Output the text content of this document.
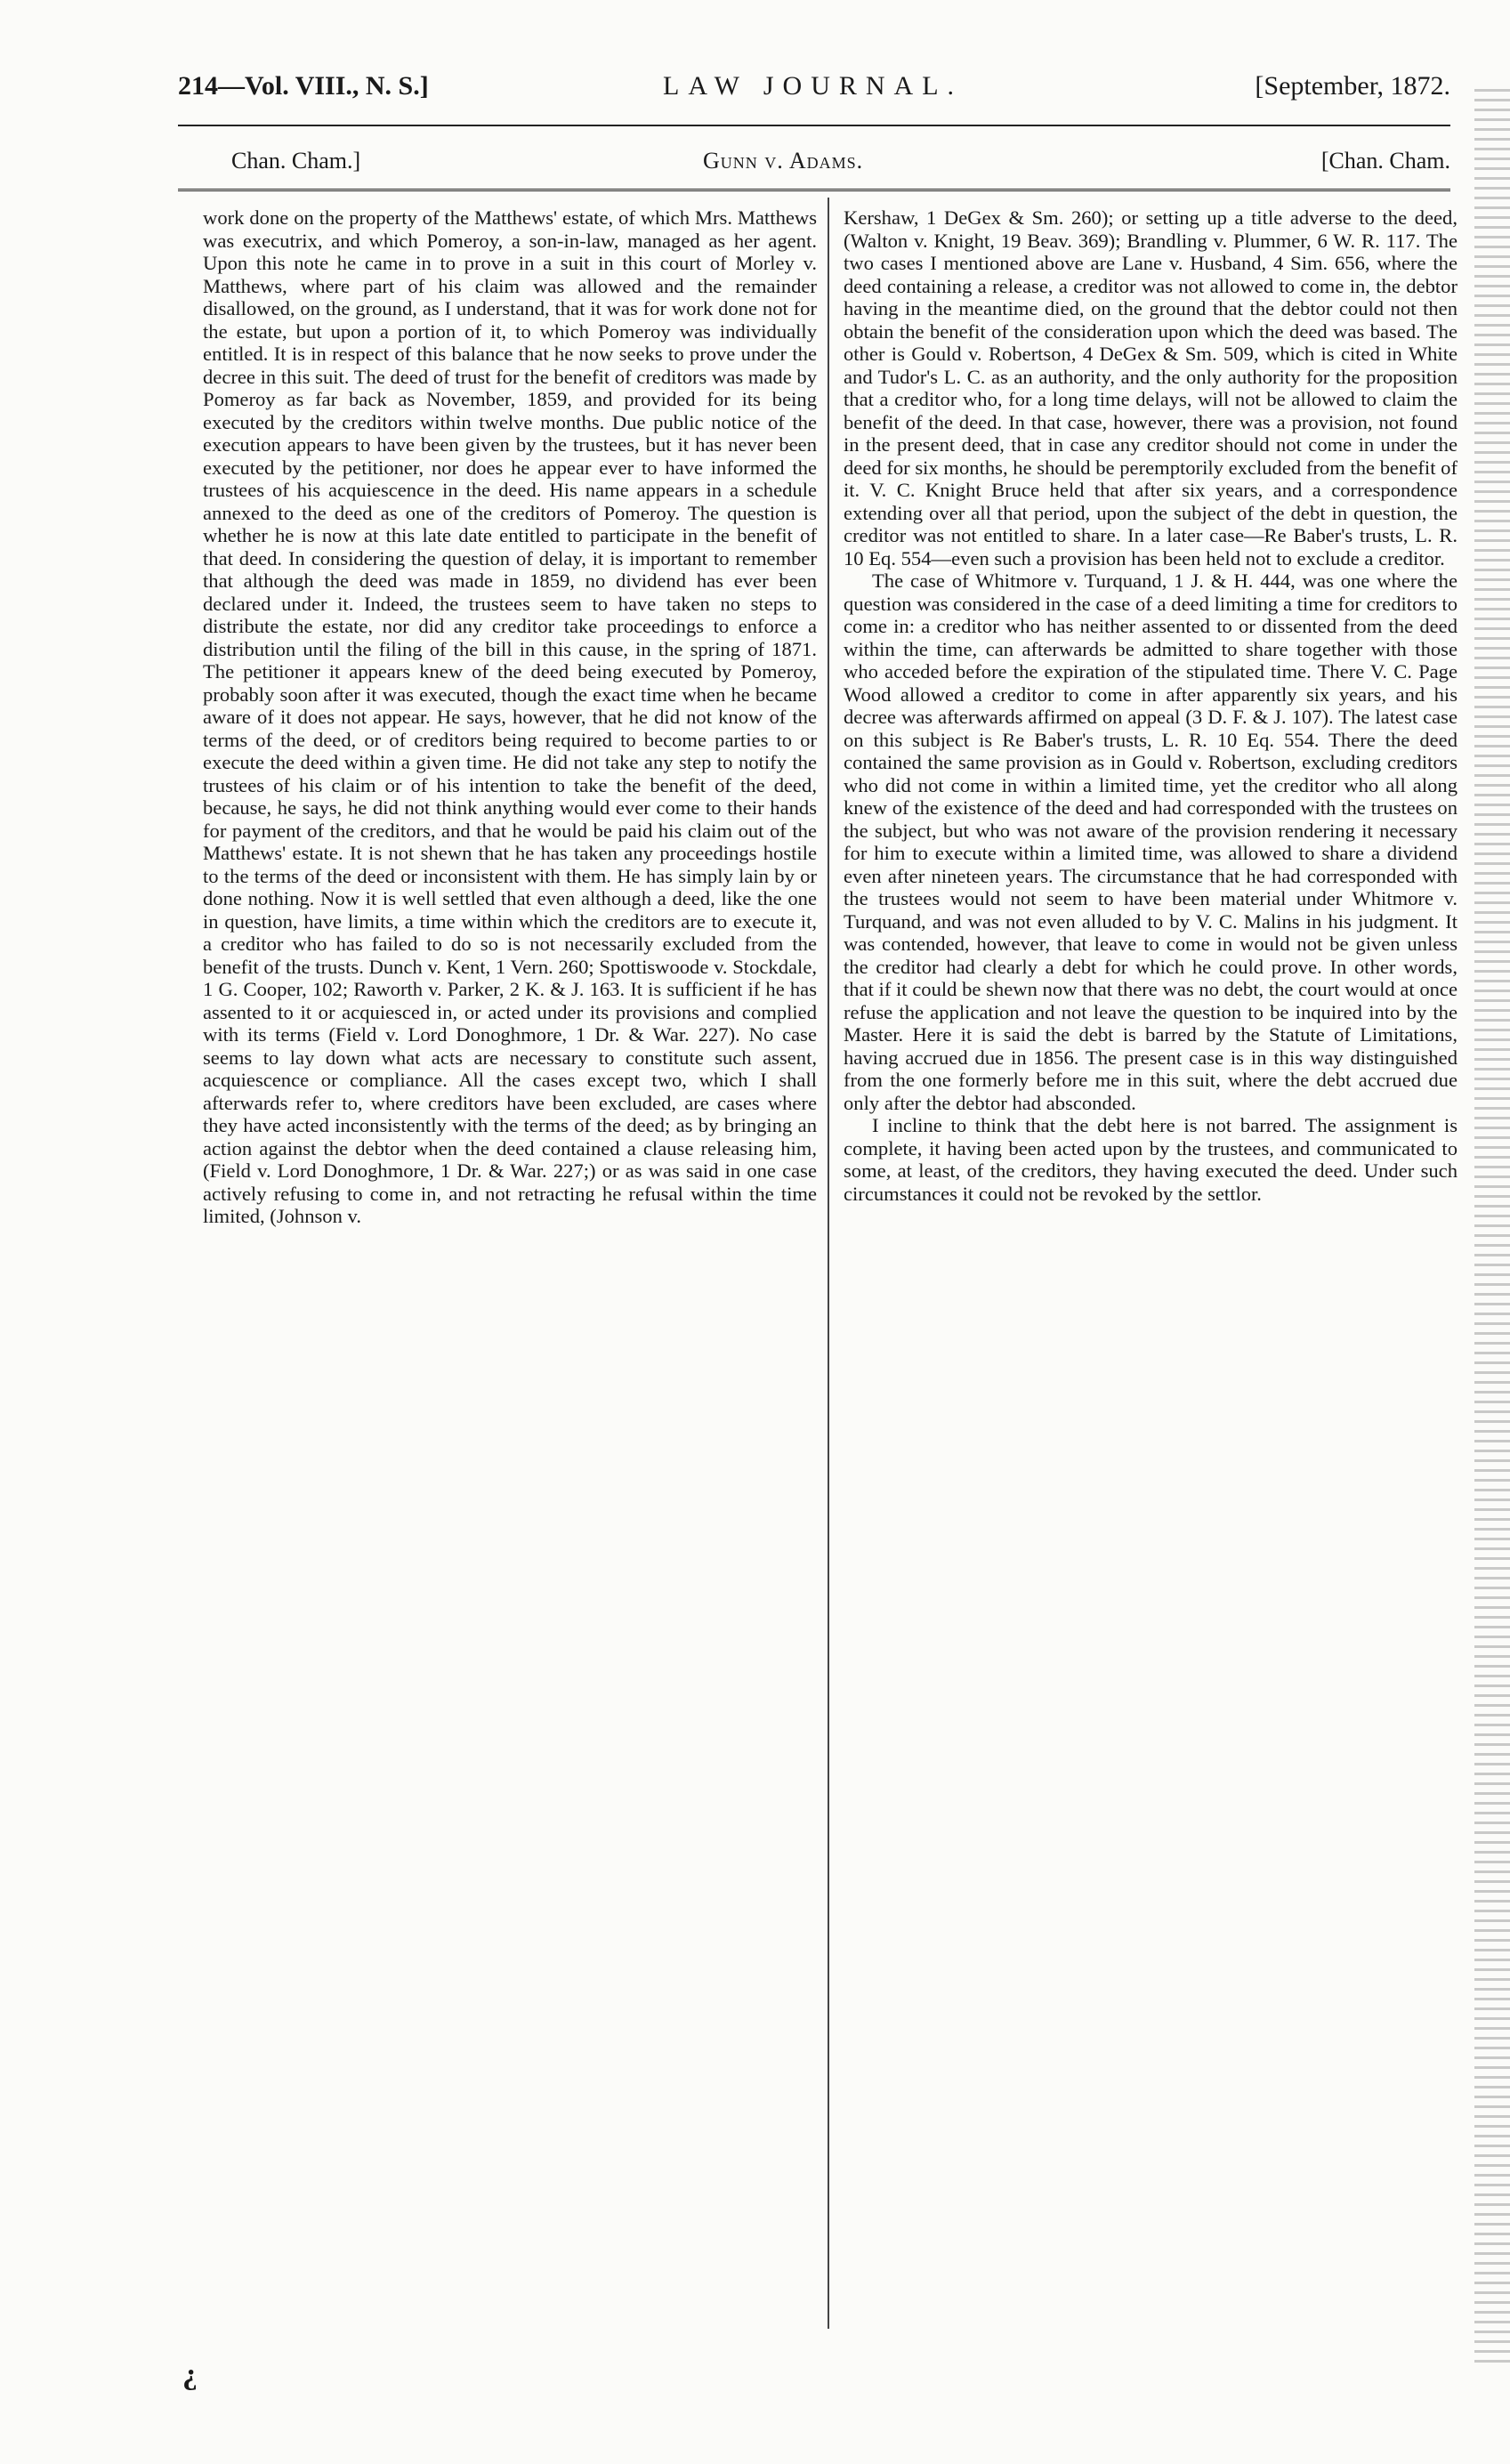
214—Vol. VIII., N. S.]	LAW JOURNAL.	[September, 1872.
Chan. Cham.]	Gunn v. Adams.	[Chan. Cham.

work done on the property of the Matthews' estate, of which Mrs. Matthews was executrix, and which Pomeroy, a son-in-law, managed as her agent. Upon this note he came in to prove in a suit in this court of Morley v. Matthews, where part of his claim was allowed and the remainder disallowed, on the ground, as I understand, that it was for work done not for the estate, but upon a portion of it, to which Pomeroy was individually entitled. It is in respect of this balance that he now seeks to prove under the decree in this suit. The deed of trust for the benefit of creditors was made by Pomeroy as far back as November, 1859, and provided for its being executed by the creditors within twelve months. Due public notice of the execution appears to have been given by the trustees, but it has never been executed by the petitioner, nor does he appear ever to have informed the trustees of his acquiescence in the deed. His name appears in a schedule annexed to the deed as one of the creditors of Pomeroy. The question is whether he is now at this late date entitled to participate in the benefit of that deed. In considering the question of delay, it is important to remember that although the deed was made in 1859, no dividend has ever been declared under it. Indeed, the trustees seem to have taken no steps to distribute the estate, nor did any creditor take proceedings to enforce a distribution until the filing of the bill in this cause, in the spring of 1871. The petitioner it appears knew of the deed being executed by Pomeroy, probably soon after it was executed, though the exact time when he became aware of it does not appear. He says, however, that he did not know of the terms of the deed, or of creditors being required to become parties to or execute the deed within a given time. He did not take any step to notify the trustees of his claim or of his intention to take the benefit of the deed, because, he says, he did not think anything would ever come to their hands for payment of the creditors, and that he would be paid his claim out of the Matthews' estate. It is not shewn that he has taken any proceedings hostile to the terms of the deed or inconsistent with them. He has simply lain by or done nothing. Now it is well settled that even although a deed, like the one in question, have limits, a time within which the creditors are to execute it, a creditor who has failed to do so is not necessarily excluded from the benefit of the trusts. Dunch v. Kent, 1 Vern. 260; Spottiswoode v. Stockdale, 1 G. Cooper, 102; Raworth v. Parker, 2 K. & J. 163. It is sufficient if he has assented to it or acquiesced in, or acted under its provisions and complied with its terms (Field v. Lord Donoghmore, 1 Dr. & War. 227). No case seems to lay down what acts are necessary to constitute such assent, acquiescence or compliance. All the cases except two, which I shall afterwards refer to, where creditors have been excluded, are cases where they have acted inconsistently with the terms of the deed; as by bringing an action against the debtor when the deed contained a clause releasing him, (Field v. Lord Donoghmore, 1 Dr. & War. 227;) or as was said in one case actively refusing to come in, and not retracting he refusal within the time limited, (Johnson v.

Kershaw, 1 DeGex & Sm. 260); or setting up a title adverse to the deed, (Walton v. Knight, 19 Beav. 369); Brandling v. Plummer, 6 W. R. 117. The two cases I mentioned above are Lane v. Husband, 4 Sim. 656, where the deed containing a release, a creditor was not allowed to come in, the debtor having in the meantime died, on the ground that the debtor could not then obtain the benefit of the consideration upon which the deed was based. The other is Gould v. Robertson, 4 DeGex & Sm. 509, which is cited in White and Tudor's L. C. as an authority, and the only authority for the proposition that a creditor who, for a long time delays, will not be allowed to claim the benefit of the deed. In that case, however, there was a provision, not found in the present deed, that in case any creditor should not come in under the deed for six months, he should be peremptorily excluded from the benefit of it. V. C. Knight Bruce held that after six years, and a correspondence extending over all that period, upon the subject of the debt in question, the creditor was not entitled to share. In a later case—Re Baber's trusts, L. R. 10 Eq. 554—even such a provision has been held not to exclude a creditor.

The case of Whitmore v. Turquand, 1 J. & H. 444, was one where the question was considered in the case of a deed limiting a time for creditors to come in: a creditor who has neither assented to or dissented from the deed within the time, can afterwards be admitted to share together with those who acceded before the expiration of the stipulated time. There V. C. Page Wood allowed a creditor to come in after apparently six years, and his decree was afterwards affirmed on appeal (3 D. F. & J. 107). The latest case on this subject is Re Baber's trusts, L. R. 10 Eq. 554. There the deed contained the same provision as in Gould v. Robertson, excluding creditors who did not come in within a limited time, yet the creditor who all along knew of the existence of the deed and had corresponded with the trustees on the subject, but who was not aware of the provision rendering it necessary for him to execute within a limited time, was allowed to share a dividend even after nineteen years. The circumstance that he had corresponded with the trustees would not seem to have been material under Whitmore v. Turquand, and was not even alluded to by V. C. Malins in his judgment. It was contended, however, that leave to come in would not be given unless the creditor had clearly a debt for which he could prove. In other words, that if it could be shewn now that there was no debt, the court would at once refuse the application and not leave the question to be inquired into by the Master. Here it is said the debt is barred by the Statute of Limitations, having accrued due in 1856. The present case is in this way distinguished from the one formerly before me in this suit, where the debt accrued due only after the debtor had absconded.

I incline to think that the debt here is not barred. The assignment is complete, it having been acted upon by the trustees, and communicated to some, at least, of the creditors, they having executed the deed. Under such circumstances it could not be revoked by the settlor.

¿
